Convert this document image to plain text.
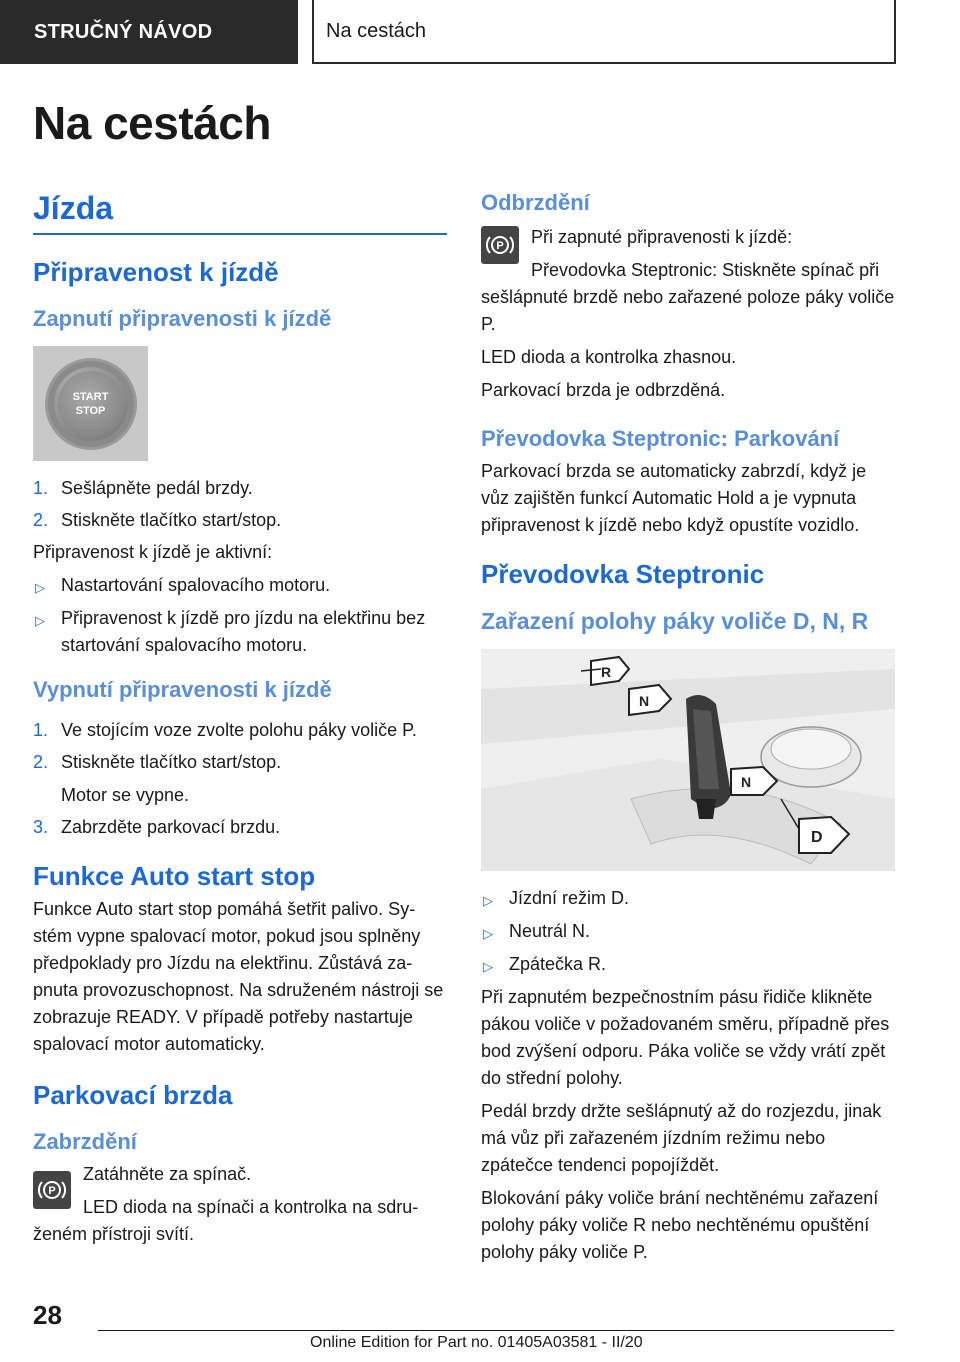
STRUČNÝ NÁVOD	Na cestách
Na cestách
Jízda
Připravenost k jízdě
Zapnutí připravenosti k jízdě
START
STOP
1. Sešlápněte pedál brzdy.
2. Stiskněte tlačítko start/stop.

Připravenost k jízdě je aktivní:

▷ Nastartování spalovacího motoru.
▷ Připravenost k jízdě pro jízdu na elektřinu bez startování spalovacího motoru.
Vypnutí připravenosti k jízdě
1. Ve stojícím voze zvolte polohu páky voliče P.
2. Stiskněte tlačítko start/stop.
Motor se vypne.
3. Zabrzděte parkovací brzdu.
Funkce Auto start stop

Funkce Auto start stop pomáhá šetřit palivo. Systém vypne spalovací motor, pokud jsou splněny předpoklady pro Jízdu na elektřinu. Zůstává zapnuta provozuschopnost. Na sdruženém nástroji se zobrazuje READY. V případě potřeby nastartuje spalovací motor automaticky.

Parkovací brzda
Zabrzdění
P

Zatáhněte za spínač.

LED dioda na spínači a kontrolka na sdruženém přístroji svítí.

Odbrzdění
P	Při zapnuté připravenosti k jízdě:

Převodovka Steptronic: Stiskněte spínač při sešlápnuté brzdě nebo zařazené poloze páky voliče P.

LED dioda a kontrolka zhasnou.

Parkovací brzda je odbrzděná.

Převodovka Steptronic: Parkování

Parkovací brzda se automaticky zabrzdí, když je vůz zajištěn funkcí Automatic Hold a je vypnuta připravenost k jízdě nebo když opustíte vozidlo.

Převodovka Steptronic
Zařazení polohy páky voliče D, N, R
R
N
N
D
▷ Jízdní režim D.
▷ Neutrál N.
▷ Zpátečka R.

Při zapnutém bezpečnostním pásu řidiče klikněte pákou voliče v požadovaném směru, případně přes bod zvýšení odporu. Páka voliče se vždy vrátí zpět do střední polohy.

Pedál brzdy držte sešlápnutý až do rozjezdu, jinak má vůz při zařazeném jízdním režimu nebo zpátečce tendenci popojíždět.

Blokování páky voliče brání nechtěnému zařazení polohy páky voliče R nebo nechtěnému opuštění polohy páky voliče P.

28
Online Edition for Part no. 01405A03581 - II/20
